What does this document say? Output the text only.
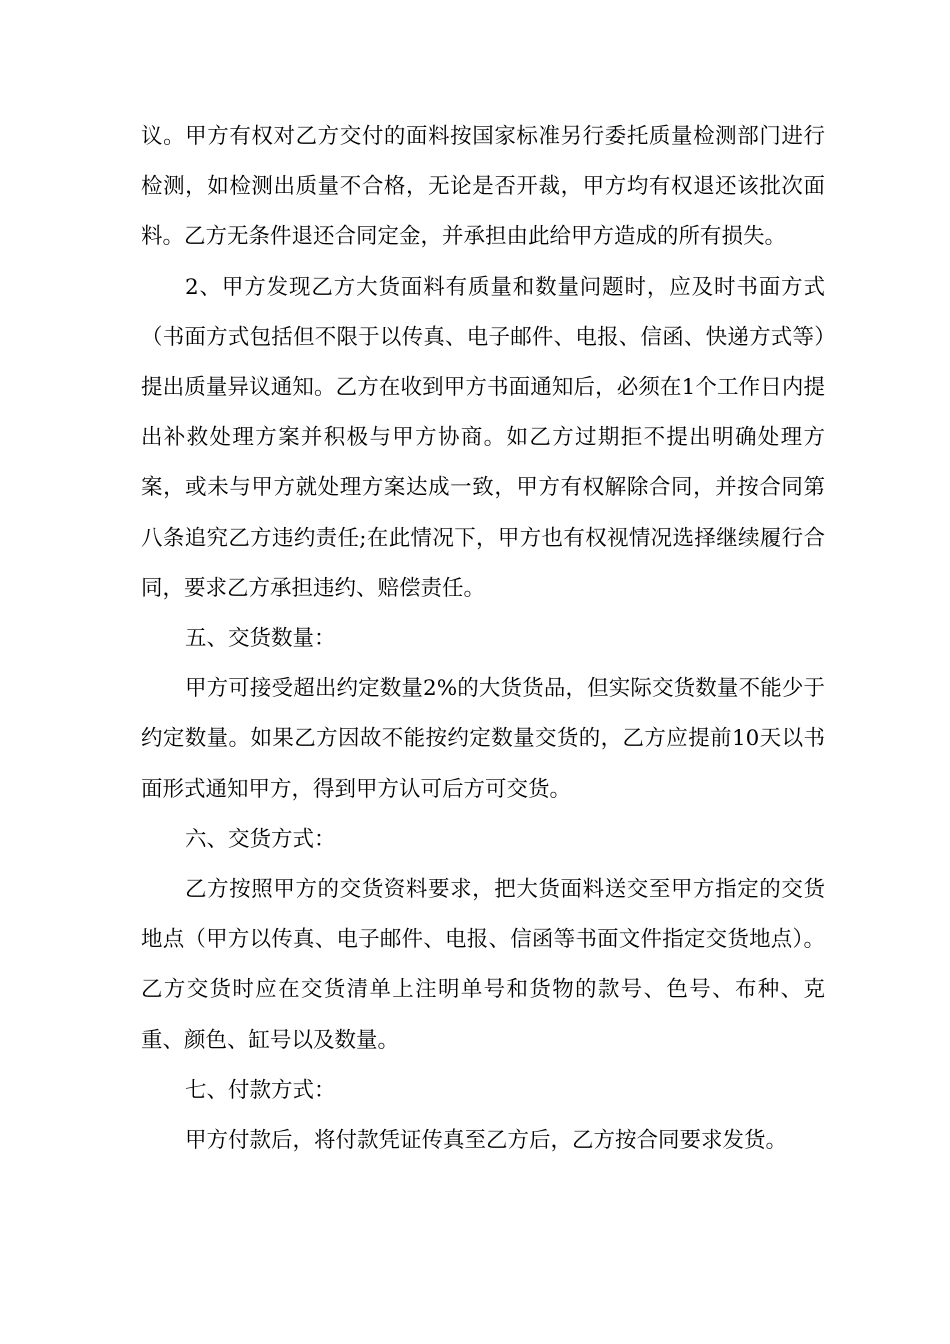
议。甲方有权对乙方交付的面料按国家标准另行委托质量检测部门进行检测，如检测出质量不合格，无论是否开裁，甲方均有权退还该批次面料。乙方无条件退还合同定金，并承担由此给甲方造成的所有损失。

2、甲方发现乙方大货面料有质量和数量问题时，应及时书面方式（书面方式包括但不限于以传真、电子邮件、电报、信函、快递方式等）提出质量异议通知。乙方在收到甲方书面通知后，必须在1个工作日内提出补救处理方案并积极与甲方协商。如乙方过期拒不提出明确处理方案，或未与甲方就处理方案达成一致，甲方有权解除合同，并按合同第八条追究乙方违约责任;在此情况下，甲方也有权视情况选择继续履行合同，要求乙方承担违约、赔偿责任。

五、交货数量：

甲方可接受超出约定数量2%的大货货品，但实际交货数量不能少于约定数量。如果乙方因故不能按约定数量交货的，乙方应提前10天以书面形式通知甲方，得到甲方认可后方可交货。

六、交货方式：

乙方按照甲方的交货资料要求，把大货面料送交至甲方指定的交货地点（甲方以传真、电子邮件、电报、信函等书面文件指定交货地点）。乙方交货时应在交货清单上注明单号和货物的款号、色号、布种、克重、颜色、缸号以及数量。

七、付款方式：

甲方付款后，将付款凭证传真至乙方后，乙方按合同要求发货。
